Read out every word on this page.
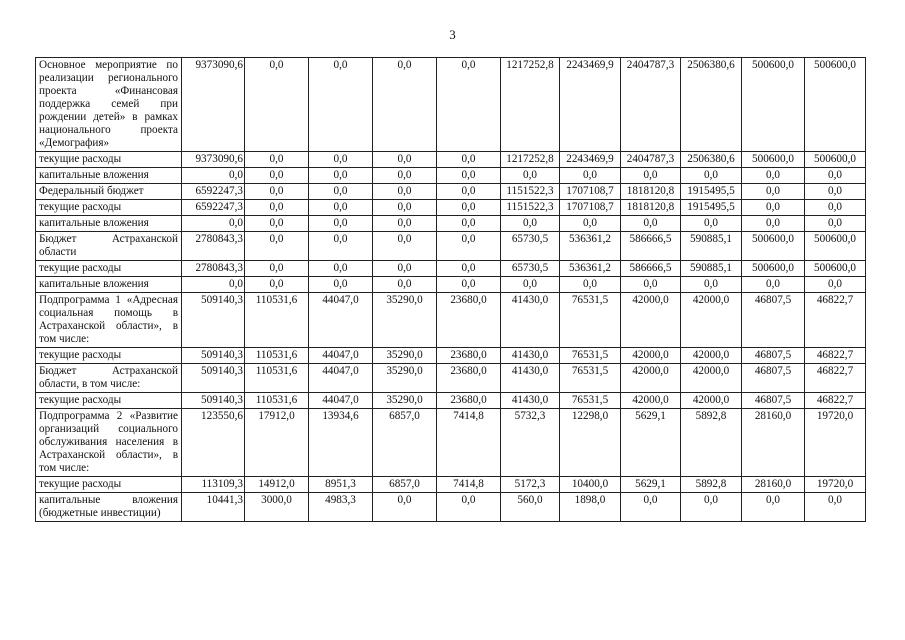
3
Основное мероприятие по реализации регионального проекта «Финансовая поддержка семей при рождении детей» в рамках национального проекта «Демография»	9373090,6	0,0	0,0	0,0	0,0	1217252,8	2243469,9	2404787,3	2506380,6	500600,0	500600,0
текущие расходы	9373090,6	0,0	0,0	0,0	0,0	1217252,8	2243469,9	2404787,3	2506380,6	500600,0	500600,0
капитальные вложения	0,0	0,0	0,0	0,0	0,0	0,0	0,0	0,0	0,0	0,0	0,0
Федеральный бюджет	6592247,3	0,0	0,0	0,0	0,0	1151522,3	1707108,7	1818120,8	1915495,5	0,0	0,0
текущие расходы	6592247,3	0,0	0,0	0,0	0,0	1151522,3	1707108,7	1818120,8	1915495,5	0,0	0,0
капитальные вложения	0,0	0,0	0,0	0,0	0,0	0,0	0,0	0,0	0,0	0,0	0,0
Бюджет Астраханской области	2780843,3	0,0	0,0	0,0	0,0	65730,5	536361,2	586666,5	590885,1	500600,0	500600,0
текущие расходы	2780843,3	0,0	0,0	0,0	0,0	65730,5	536361,2	586666,5	590885,1	500600,0	500600,0
капитальные вложения	0,0	0,0	0,0	0,0	0,0	0,0	0,0	0,0	0,0	0,0	0,0
Подпрограмма 1 «Адресная социальная помощь в Астраханской области», в том числе:	509140,3	110531,6	44047,0	35290,0	23680,0	41430,0	76531,5	42000,0	42000,0	46807,5	46822,7
текущие расходы	509140,3	110531,6	44047,0	35290,0	23680,0	41430,0	76531,5	42000,0	42000,0	46807,5	46822,7
Бюджет Астраханской области, в том числе:	509140,3	110531,6	44047,0	35290,0	23680,0	41430,0	76531,5	42000,0	42000,0	46807,5	46822,7
текущие расходы	509140,3	110531,6	44047,0	35290,0	23680,0	41430,0	76531,5	42000,0	42000,0	46807,5	46822,7
Подпрограмма 2 «Развитие организаций социального обслуживания населения в Астраханской области», в том числе:	123550,6	17912,0	13934,6	6857,0	7414,8	5732,3	12298,0	5629,1	5892,8	28160,0	19720,0
текущие расходы	113109,3	14912,0	8951,3	6857,0	7414,8	5172,3	10400,0	5629,1	5892,8	28160,0	19720,0
капитальные вложения (бюджетные инвестиции)	10441,3	3000,0	4983,3	0,0	0,0	560,0	1898,0	0,0	0,0	0,0	0,0
